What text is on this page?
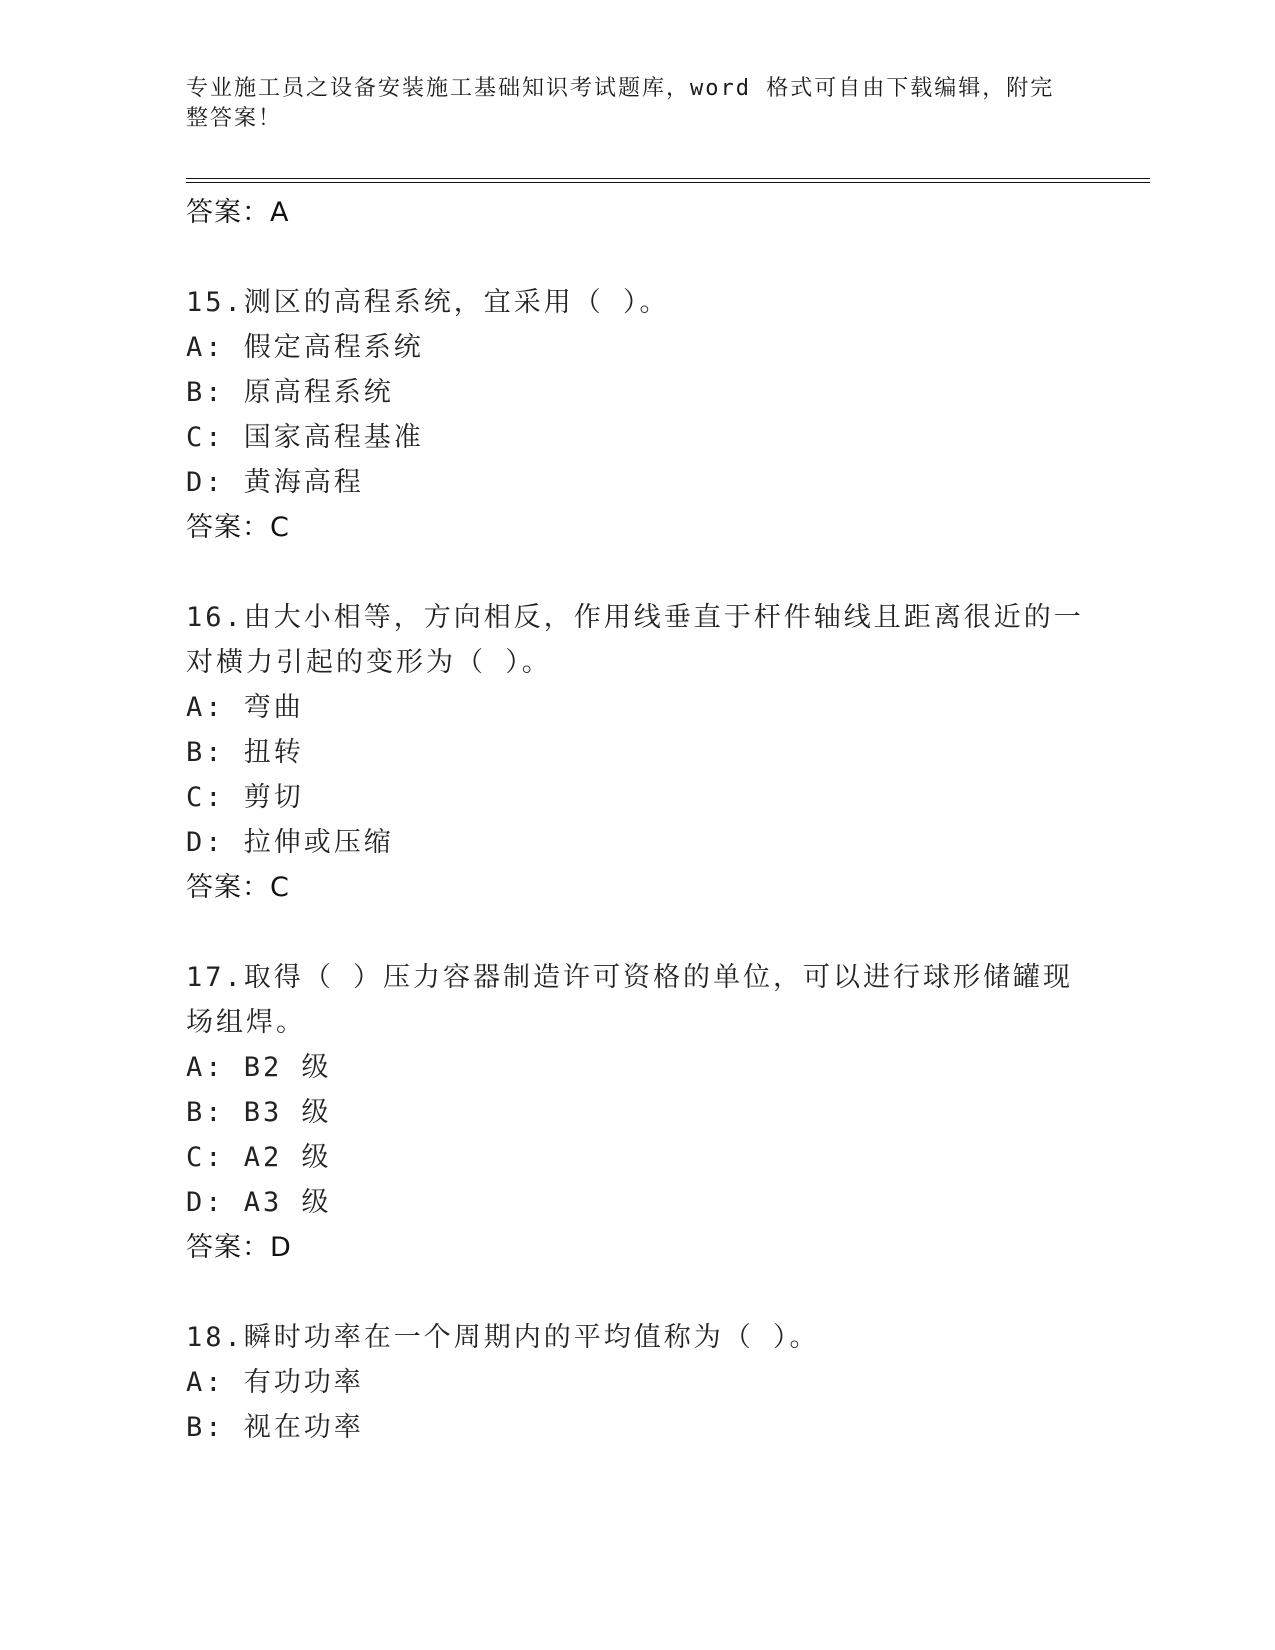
专业施工员之设备安装施工基础知识考试题库，word 格式可自由下载编辑，附完整答案！

答案：A

15.测区的高程系统，宜采用（ ）。

A: 假定高程系统

B: 原高程系统

C: 国家高程基准

D: 黄海高程

答案：C

16.由大小相等，方向相反，作用线垂直于杆件轴线且距离很近的一对横力引起的变形为（ ）。

A: 弯曲

B: 扭转

C: 剪切

D: 拉伸或压缩

答案：C

17.取得（ ）压力容器制造许可资格的单位，可以进行球形储罐现场组焊。

A: B2 级

B: B3 级

C: A2 级

D: A3 级

答案：D

18.瞬时功率在一个周期内的平均值称为（ ）。

A: 有功功率

B: 视在功率
